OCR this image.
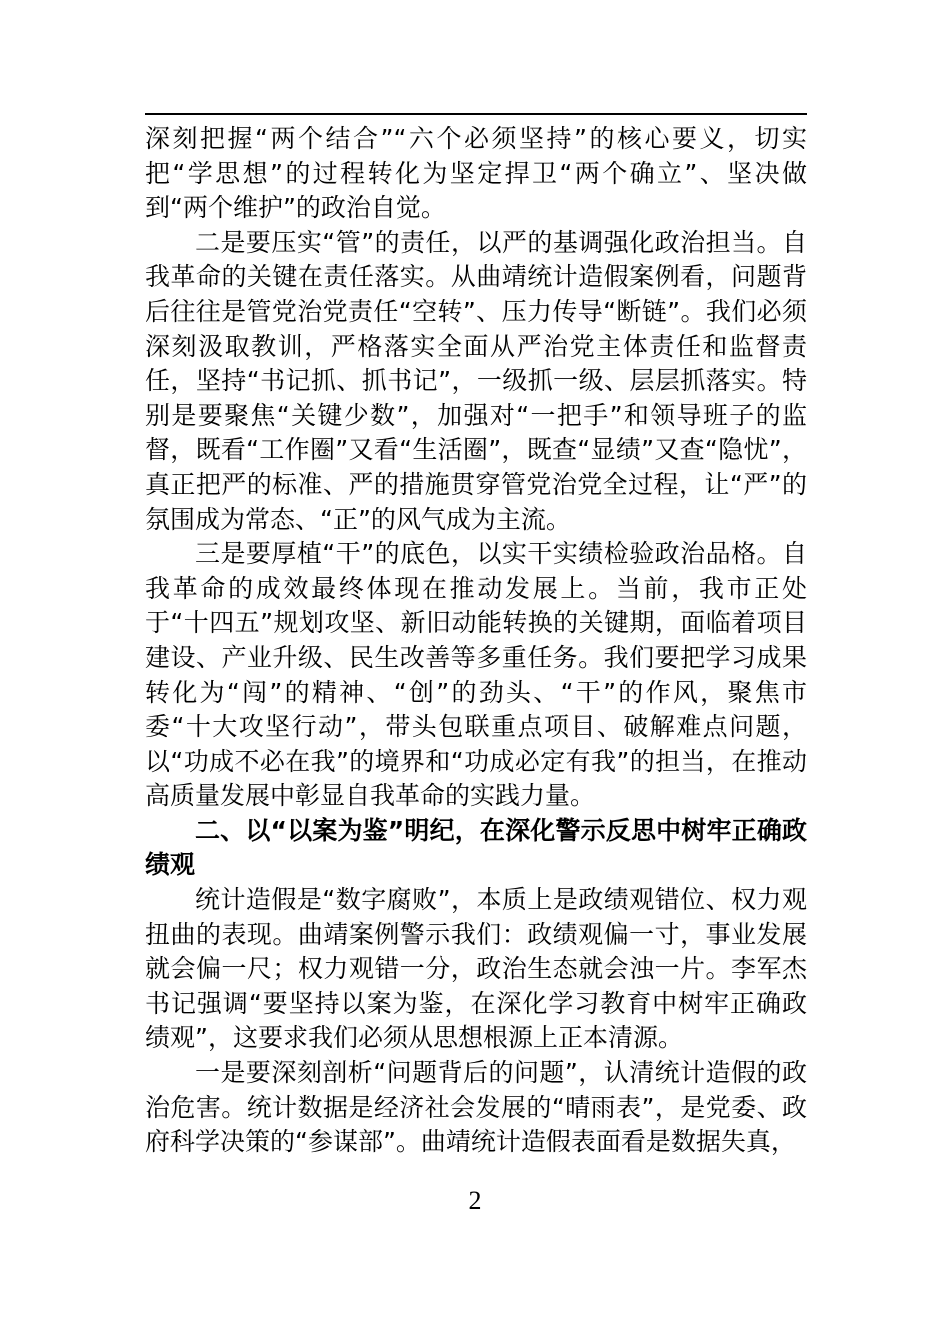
深刻把握“两个结合”“六个必须坚持”的核心要义，切实把“学思想”的过程转化为坚定捍卫“两个确立”、坚决做到“两个维护”的政治自觉。

二是要压实“管”的责任，以严的基调强化政治担当。自我革命的关键在责任落实。从曲靖统计造假案例看，问题背后往往是管党治党责任“空转”、压力传导“断链”。我们必须深刻汲取教训，严格落实全面从严治党主体责任和监督责任，坚持“书记抓、抓书记”，一级抓一级、层层抓落实。特别是要聚焦“关键少数”，加强对“一把手”和领导班子的监督，既看“工作圈”又看“生活圈”，既查“显绩”又查“隐忧”，真正把严的标准、严的措施贯穿管党治党全过程，让“严”的氛围成为常态、“正”的风气成为主流。

三是要厚植“干”的底色，以实干实绩检验政治品格。自我革命的成效最终体现在推动发展上。当前，我市正处于“十四五”规划攻坚、新旧动能转换的关键期，面临着项目建设、产业升级、民生改善等多重任务。我们要把学习成果转化为“闯”的精神、“创”的劲头、“干”的作风，聚焦市委“十大攻坚行动”，带头包联重点项目、破解难点问题，以“功成不必在我”的境界和“功成必定有我”的担当，在推动高质量发展中彰显自我革命的实践力量。

二、以“以案为鉴”明纪，在深化警示反思中树牢正确政绩观

统计造假是“数字腐败”，本质上是政绩观错位、权力观扭曲的表现。曲靖案例警示我们：政绩观偏一寸，事业发展就会偏一尺；权力观错一分，政治生态就会浊一片。李军杰书记强调“要坚持以案为鉴，在深化学习教育中树牢正确政绩观”，这要求我们必须从思想根源上正本清源。

一是要深刻剖析“问题背后的问题”，认清统计造假的政治危害。统计数据是经济社会发展的“晴雨表”，是党委、政府科学决策的“参谋部”。曲靖统计造假表面看是数据失真，

2
